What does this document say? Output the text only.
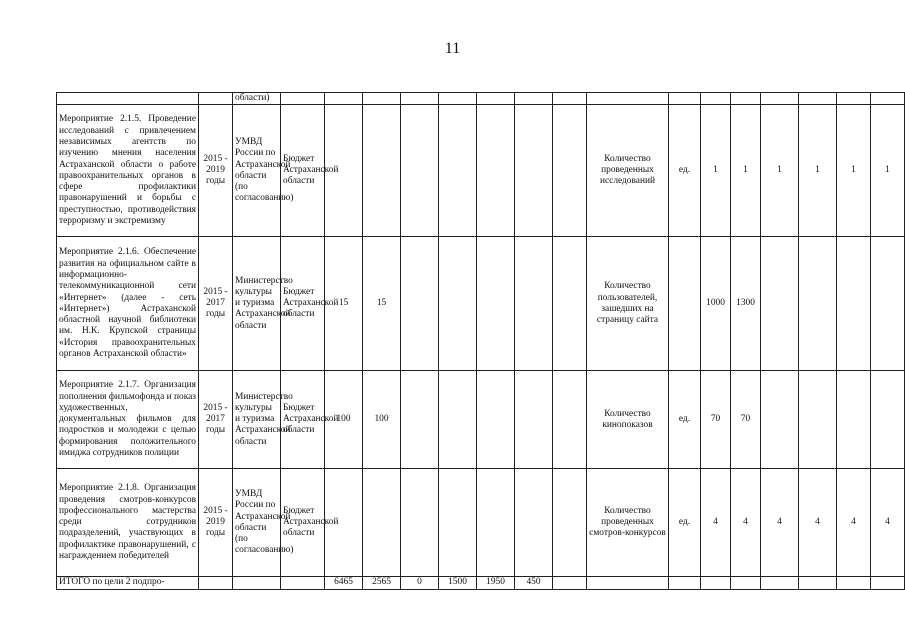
11
		области)																
Мероприятие 2.1.5. Проведение исследований с привлечением независимых агентств по изучению мнения населения Астраханской области о работе правоохранительных органов в сфере профилактики правонарушений и борьбы с преступностью, противодействия терроризму и экстремизму	2015 - 2019 годы	УМВД России по Астраханской области (по согласованию)	Бюджет Астраханской области								Количество проведенных исследований	ед.	1	1	1	1	1	1
Мероприятие 2.1.6. Обеспечение развития на официальном сайте в информационно-телекоммуникационной сети «Интернет» (далее - сеть «Интернет») Астраханской областной научной библиотеки им. Н.К. Крупской страницы «История правоохранительных органов Астраханской области»	2015 - 2017 годы	Министерство культуры и туризма Астраханской области	Бюджет Астраханской области	15	15						Количество пользователей, зашедших на страницу сайта		1000	1300				
Мероприятие 2.1.7. Организация пополнения фильмофонда и показ художественных, документальных фильмов для подростков и молодежи с целью формирования положительного имиджа сотрудников полиции	2015 - 2017 годы	Министерство культуры и туризма Астраханской области	Бюджет Астраханской области	100	100						Количество кинопоказов	ед.	70	70				
Мероприятие 2.1.8. Организация проведения смотров-конкурсов профессионального мастерства среди сотрудников подразделений, участвующих в профилактике правонарушений, с награждением победителей	2015 - 2019 годы	УМВД России по Астраханской области (по согласованию)	Бюджет Астраханской области								Количество проведенных смотров-конкурсов	ед.	4	4	4	4	4	4
ИТОГО по цели 2 подпро-				6465	2565	0	1500	1950	450									
